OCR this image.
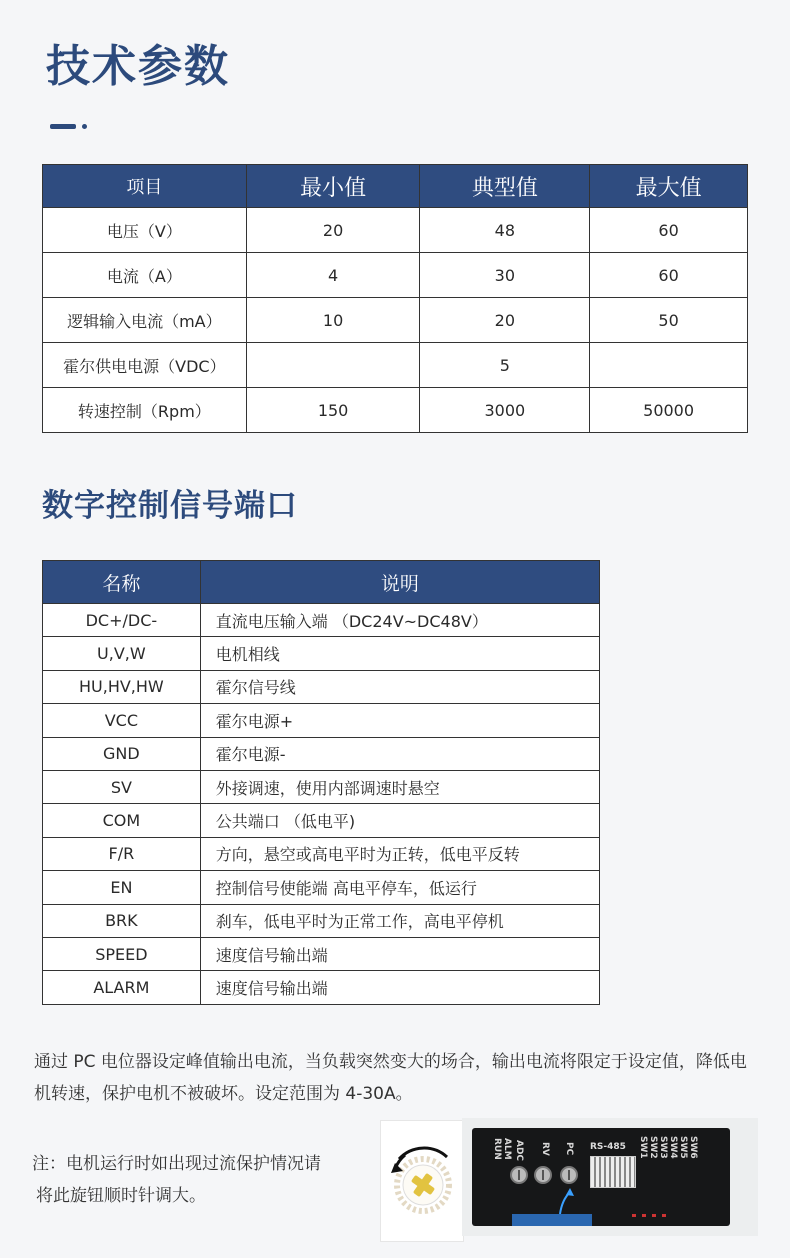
技术参数
项目	最小值	典型值	最大值
电压（V）	20	48	60
电流（A）	4	30	60
逻辑输入电流（mA）	10	20	50
霍尔供电电源（VDC）		5	
转速控制（Rpm）	150	3000	50000
数字控制信号端口
名称	说明
DC+/DC-	直流电压输入端 （DC24V~DC48V）
U,V,W	电机相线
HU,HV,HW	霍尔信号线
VCC	霍尔电源+
GND	霍尔电源-
SV	外接调速，使用内部调速时悬空
COM	公共端口 （低电平)
F/R	方向，悬空或高电平时为正转，低电平反转
EN	控制信号使能端 高电平停车，低运行
BRK	刹车，低电平时为正常工作，高电平停机
SPEED	速度信号输出端
ALARM	速度信号输出端
通过 PC 电位器设定峰值输出电流，当负载突然变大的场合，输出电流将限定于设定值，降低电机转速，保护电机不被破坏。设定范围为 4-30A。
注：电机运行时如出现过流保护情况请
将此旋钮顺时针调大。
ALM
RUN ADC RV PC RS-485	SW6
SW5
SW4
SW3
SW2
SW1
